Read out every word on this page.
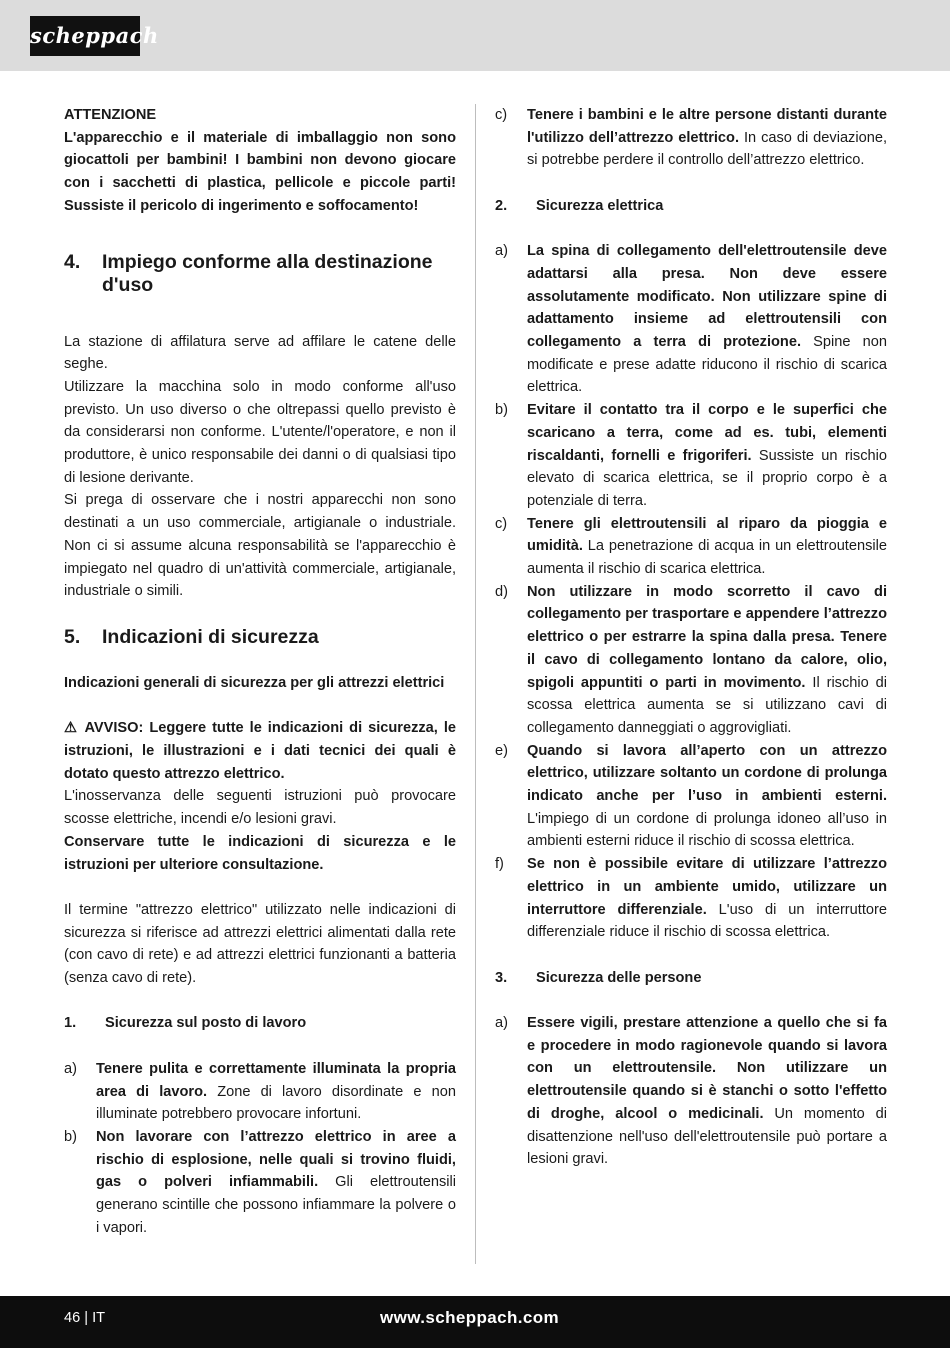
scheppach

ATTENZIONE

L'apparecchio e il materiale di imballaggio non sono giocattoli per bambini! I bambini non devono giocare con i sacchetti di plastica, pellicole e piccole parti! Sussiste il pericolo di ingerimento e soffocamento!

4.	Impiego conforme alla destinazione d'uso

La stazione di affilatura serve ad affilare le catene delle seghe.

Utilizzare la macchina solo in modo conforme all'uso previsto. Un uso diverso o che oltrepassi quello previsto è da considerarsi non conforme. L'utente/l'operatore, e non il produttore, è unico responsabile dei danni o di qualsiasi tipo di lesione derivante.

Si prega di osservare che i nostri apparecchi non sono destinati a un uso commerciale, artigianale o industriale. Non ci si assume alcuna responsabilità se l'apparecchio è impiegato nel quadro di un'attività commerciale, artigianale, industriale o simili.

5.	Indicazioni di sicurezza

Indicazioni generali di sicurezza per gli attrezzi elettrici

⚠ AVVISO: Leggere tutte le indicazioni di sicurezza, le istruzioni, le illustrazioni e i dati tecnici dei quali è dotato questo attrezzo elettrico.

L'inosservanza delle seguenti istruzioni può provocare scosse elettriche, incendi e/o lesioni gravi.

Conservare tutte le indicazioni di sicurezza e le istruzioni per ulteriore consultazione.

Il termine "attrezzo elettrico" utilizzato nelle indicazioni di sicurezza si riferisce ad attrezzi elettrici alimentati dalla rete (con cavo di rete) e ad attrezzi elettrici funzionanti a batteria (senza cavo di rete).

1.	Sicurezza sul posto di lavoro
a)	Tenere pulita e correttamente illuminata la propria area di lavoro. Zone di lavoro disordinate e non illuminate potrebbero provocare infortuni.
b)	Non lavorare con l’attrezzo elettrico in aree a rischio di esplosione, nelle quali si trovino fluidi, gas o polveri infiammabili. Gli elettroutensili generano scintille che possono infiammare la polvere o i vapori.
c)	Tenere i bambini e le altre persone distanti durante l'utilizzo dell’attrezzo elettrico. In caso di deviazione, si potrebbe perdere il controllo dell’attrezzo elettrico.
2.	Sicurezza elettrica
a)	La spina di collegamento dell'elettroutensile deve adattarsi alla presa. Non deve essere assolutamente modificato. Non utilizzare spine di adattamento insieme ad elettroutensili con collegamento a terra di protezione. Spine non modificate e prese adatte riducono il rischio di scarica elettrica.
b)	Evitare il contatto tra il corpo e le superfici che scaricano a terra, come ad es. tubi, elementi riscaldanti, fornelli e frigoriferi. Sussiste un rischio elevato di scarica elettrica, se il proprio corpo è a potenziale di terra.
c)	Tenere gli elettroutensili al riparo da pioggia e umidità. La penetrazione di acqua in un elettroutensile aumenta il rischio di scarica elettrica.
d)	Non utilizzare in modo scorretto il cavo di collegamento per trasportare e appendere l’attrezzo elettrico o per estrarre la spina dalla presa. Tenere il cavo di collegamento lontano da calore, olio, spigoli appuntiti o parti in movimento. Il rischio di scossa elettrica aumenta se si utilizzano cavi di collegamento danneggiati o aggrovigliati.
e)	Quando si lavora all’aperto con un attrezzo elettrico, utilizzare soltanto un cordone di prolunga indicato anche per l’uso in ambienti esterni. L'impiego di un cordone di prolunga idoneo all’uso in ambienti esterni riduce il rischio di scossa elettrica.
f)	Se non è possibile evitare di utilizzare l’attrezzo elettrico in un ambiente umido, utilizzare un interruttore differenziale. L'uso di un interruttore differenziale riduce il rischio di scossa elettrica.
3.	Sicurezza delle persone
a)	Essere vigili, prestare attenzione a quello che si fa e procedere in modo ragionevole quando si lavora con un elettroutensile. Non utilizzare un elettroutensile quando si è stanchi o sotto l'effetto di droghe, alcool o medicinali. Un momento di disattenzione nell'uso dell'elettroutensile può portare a lesioni gravi.
46 | IT	www.scheppach.com
